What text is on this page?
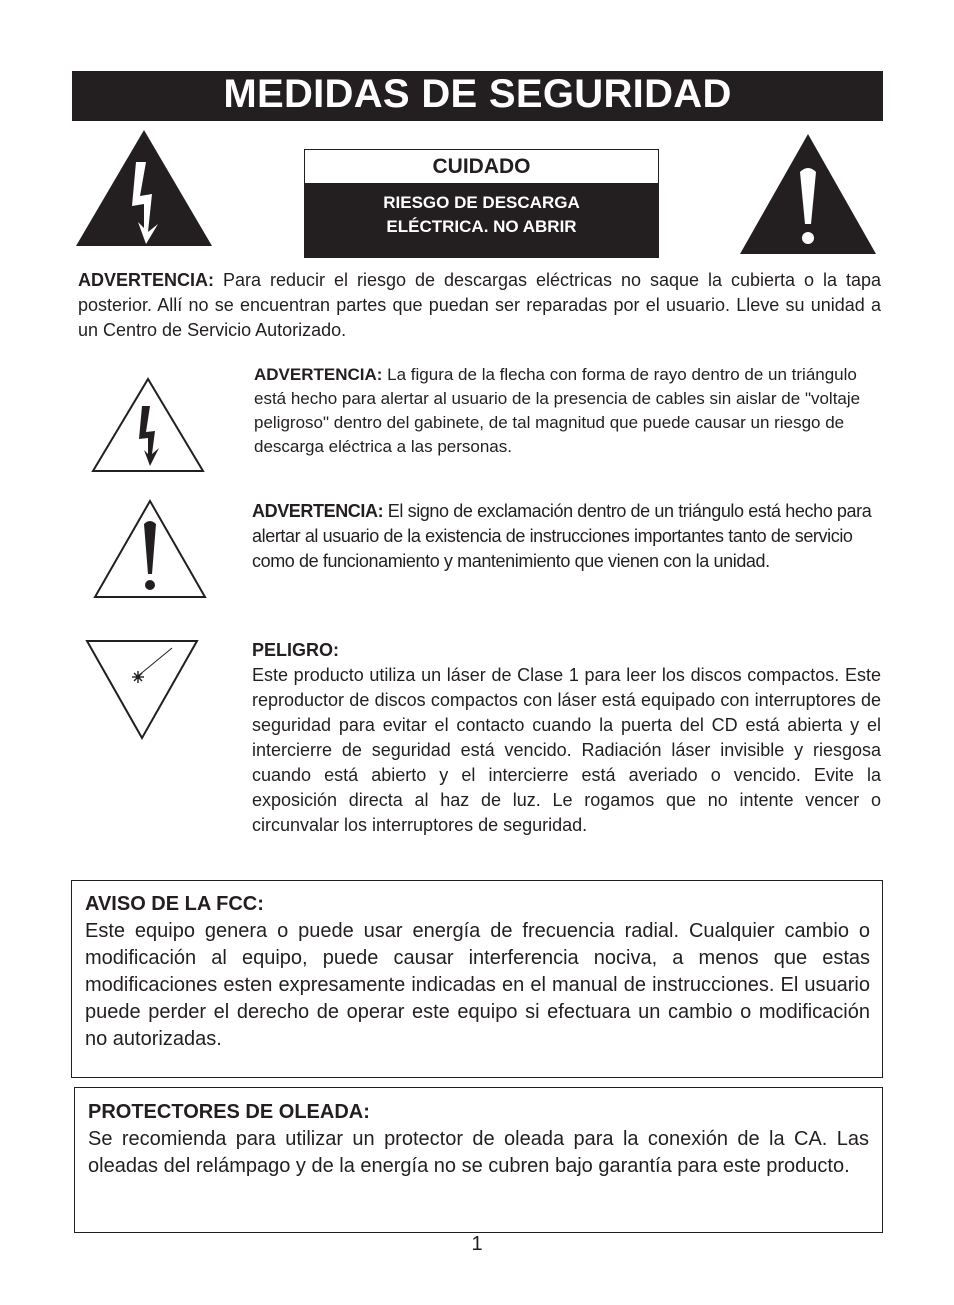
MEDIDAS DE SEGURIDAD
CUIDADO
RIESGO DE DESCARGA
ELÉCTRICA. NO ABRIR
ADVERTENCIA: Para reducir el riesgo de descargas eléctricas no saque la cubierta o la tapa posterior. Allí no se encuentran partes que puedan ser reparadas por el usuario. Lleve su unidad a un Centro de Servicio Autorizado.
ADVERTENCIA: La figura de la flecha con forma de rayo dentro de un triángulo está hecho para alertar al usuario de la presencia de cables sin aislar de "voltaje peligroso" dentro del gabinete, de tal magnitud que puede causar un riesgo de descarga eléctrica a las personas.
ADVERTENCIA: El signo de exclamación dentro de un triángulo está hecho para alertar al usuario de la existencia de instrucciones importantes tanto de servicio como de funcionamiento y mantenimiento que vienen con la unidad.
PELIGRO:
Este producto utiliza un láser de Clase 1 para leer los discos compactos. Este reproductor de discos compactos con láser está equipado con interruptores de seguridad para evitar el contacto cuando la puerta del CD está abierta y el intercierre de seguridad está vencido. Radiación láser invisible y riesgosa cuando está abierto y el intercierre está averiado o vencido. Evite la exposición directa al haz de luz. Le rogamos que no intente vencer o circunvalar los interruptores de seguridad.
AVISO DE LA FCC:
Este equipo genera o puede usar energía de frecuencia radial. Cualquier cambio o modificación al equipo, puede causar interferencia nociva, a menos que estas modificaciones esten expresamente indicadas en el manual de instrucciones. El usuario puede perder el derecho de operar este equipo si efectuara un cambio o modificación no autorizadas.
PROTECTORES DE OLEADA:
Se recomienda para utilizar un protector de oleada para la conexión de la CA. Las oleadas del relámpago y de la energía no se cubren bajo garantía para este producto.
1
